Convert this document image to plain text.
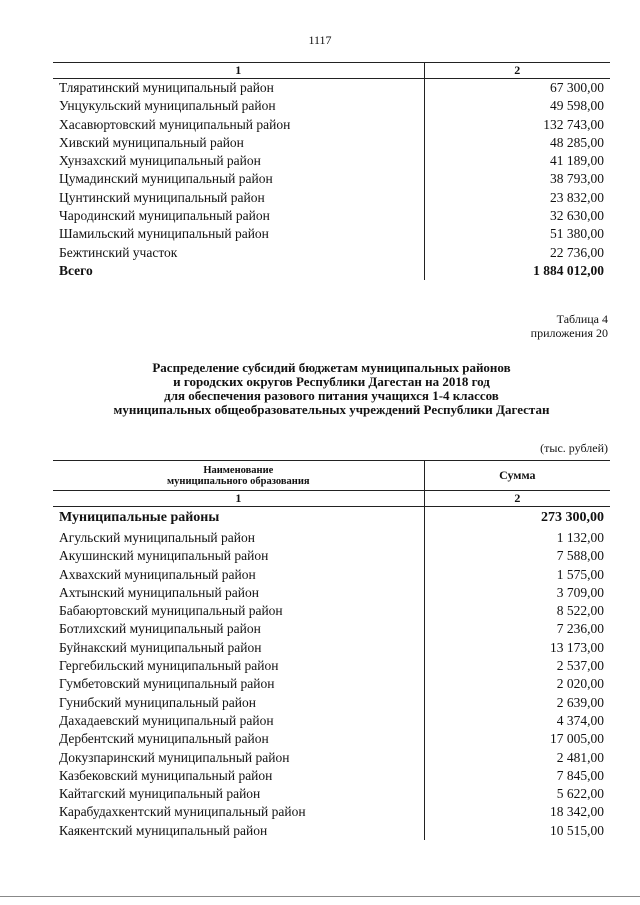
1117
1	2
Тляратинский муниципальный район	67 300,00
Унцукульский муниципальный район	49 598,00
Хасавюртовский муниципальный район	132 743,00
Хивский муниципальный район	48 285,00
Хунзахский муниципальный район	41 189,00
Цумадинский муниципальный район	38 793,00
Цунтинский муниципальный район	23 832,00
Чародинский муниципальный район	32 630,00
Шамильский муниципальный район	51 380,00
Бежтинский участок	22 736,00
Всего	1 884 012,00
Таблица 4
приложения 20
Распределение субсидий бюджетам муниципальных районов
и городских округов Республики Дагестан на 2018 год
для обеспечения разового питания учащихся 1-4 классов
муниципальных общеобразовательных учреждений Республики Дагестан
(тыс. рублей)
Наименование
муниципального образования	Сумма
1	2
Муниципальные районы	273 300,00
Агульский муниципальный район	1 132,00
Акушинский муниципальный район	7 588,00
Ахвахский муниципальный район	1 575,00
Ахтынский муниципальный район	3 709,00
Бабаюртовский муниципальный район	8 522,00
Ботлихский муниципальный район	7 236,00
Буйнакский муниципальный район	13 173,00
Гергебильский муниципальный район	2 537,00
Гумбетовский муниципальный район	2 020,00
Гунибский муниципальный район	2 639,00
Дахадаевский муниципальный район	4 374,00
Дербентский муниципальный район	17 005,00
Докузпаринский муниципальный район	2 481,00
Казбековский муниципальный район	7 845,00
Кайтагский муниципальный район	5 622,00
Карабудахкентский муниципальный район	18 342,00
Каякентский муниципальный район	10 515,00
